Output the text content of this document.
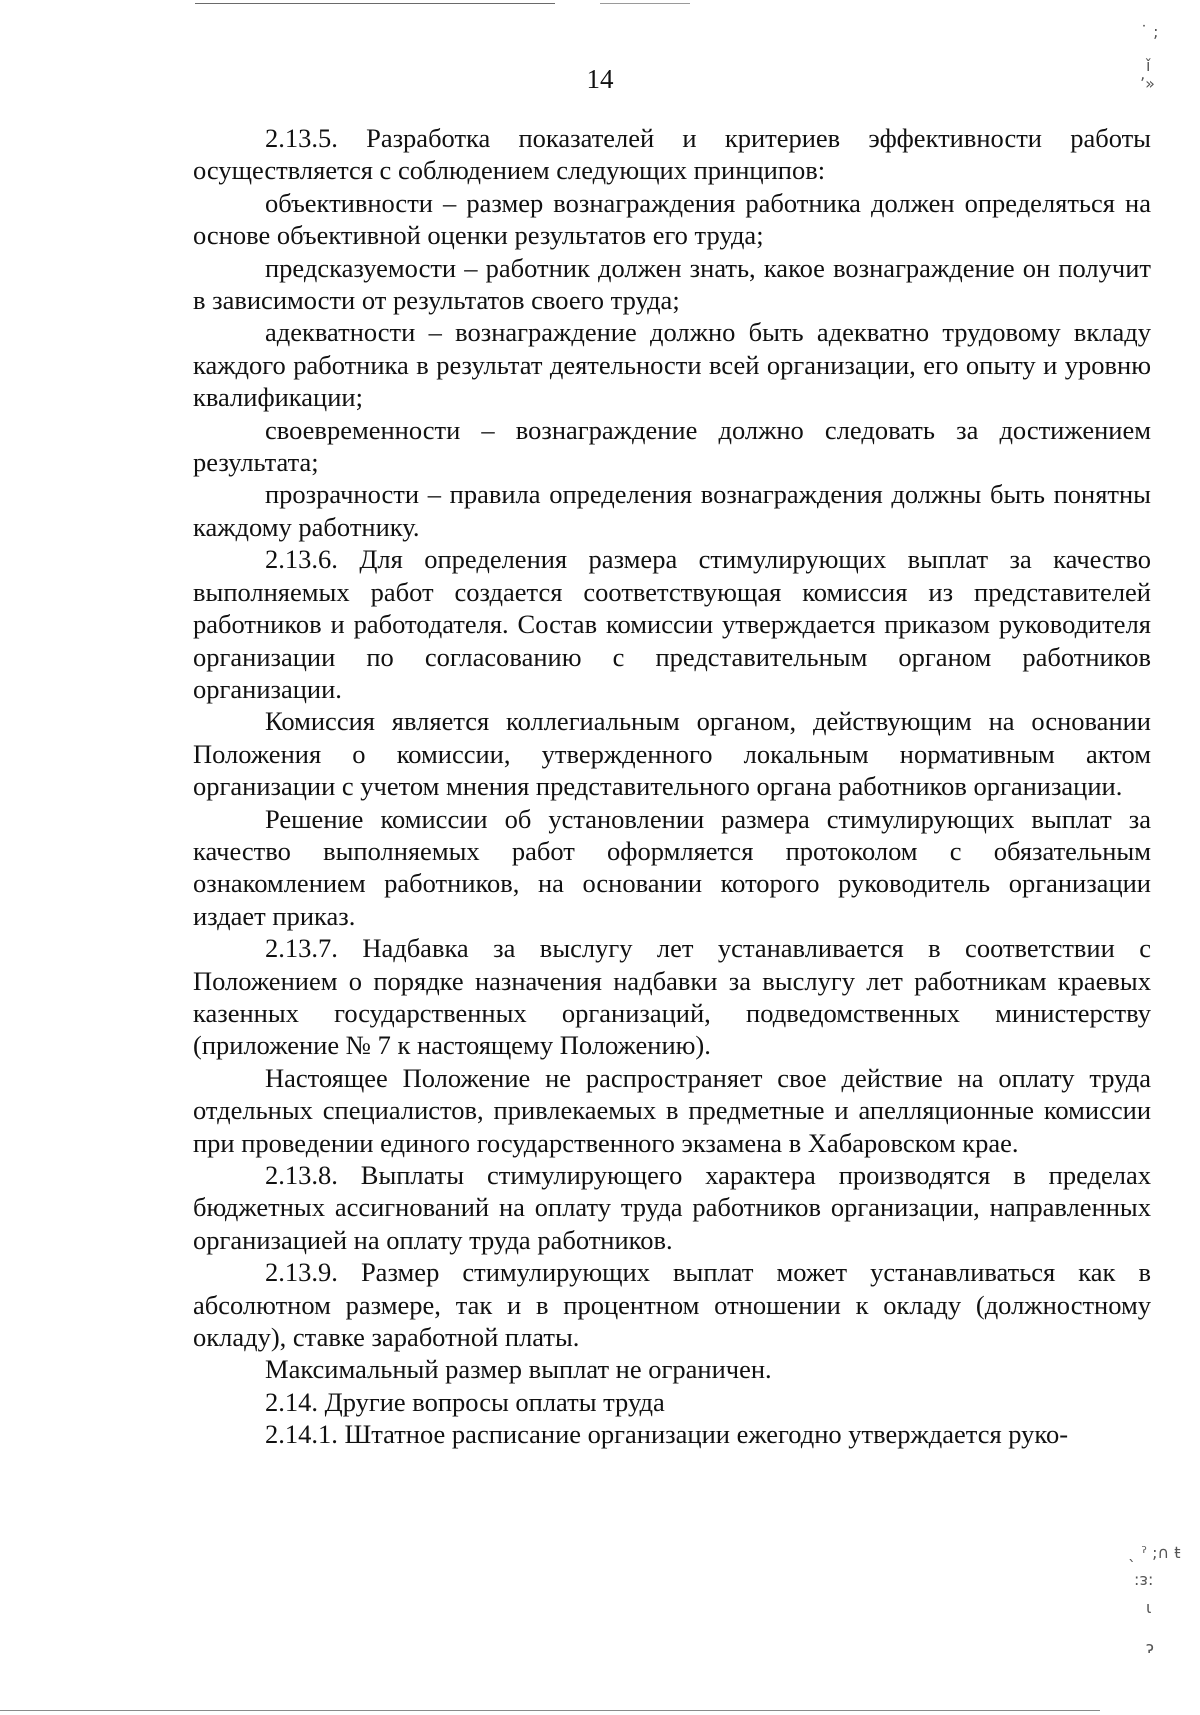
14

2.13.5. Разработка показателей и критериев эффективности работы осуществляется с соблюдением следующих принципов:

объективности – размер вознаграждения работника должен определяться на основе объективной оценки результатов его труда;

предсказуемости – работник должен знать, какое вознаграждение он получит в зависимости от результатов своего труда;

адекватности – вознаграждение должно быть адекватно трудовому вкладу каждого работника в результат деятельности всей организации, его опыту и уровню квалификации;

своевременности – вознаграждение должно следовать за достижением результата;

прозрачности – правила определения вознаграждения должны быть понятны каждому работнику.

2.13.6. Для определения размера стимулирующих выплат за качество выполняемых работ создается соответствующая комиссия из представителей работников и работодателя. Состав комиссии утверждается приказом руководителя организации по согласованию с представительным органом работников организации.

Комиссия является коллегиальным органом, действующим на основании Положения о комиссии, утвержденного локальным нормативным актом организации с учетом мнения представительного органа работников организации.

Решение комиссии об установлении размера стимулирующих выплат за качество выполняемых работ оформляется протоколом с обязательным ознакомлением работников, на основании которого руководитель организации издает приказ.

2.13.7. Надбавка за выслугу лет устанавливается в соответствии с Положением о порядке назначения надбавки за выслугу лет работникам краевых казенных государственных организаций, подведомственных министерству (приложение № 7 к настоящему Положению).

Настоящее Положение не распространяет свое действие на оплату труда отдельных специалистов, привлекаемых в предметные и апелляционные комиссии при проведении единого государственного экзамена в Хабаровском крае.

2.13.8. Выплаты стимулирующего характера производятся в пределах бюджетных ассигнований на оплату труда работников организации, направленных организацией на оплату труда работников.

2.13.9. Размер стимулирующих выплат может устанавливаться как в абсолютном размере, так и в процентном отношении к окладу (должностному окладу), ставке заработной платы.

Максимальный размер выплат не ограничен.

2.14. Другие вопросы оплаты труда

2.14.1. Штатное расписание организации ежегодно утверждается руко-

˙ ;
ǐ
ʼ»
ˎ ˀ ;∩ ŧ
:ᴈ:
ɩ
ɂ
